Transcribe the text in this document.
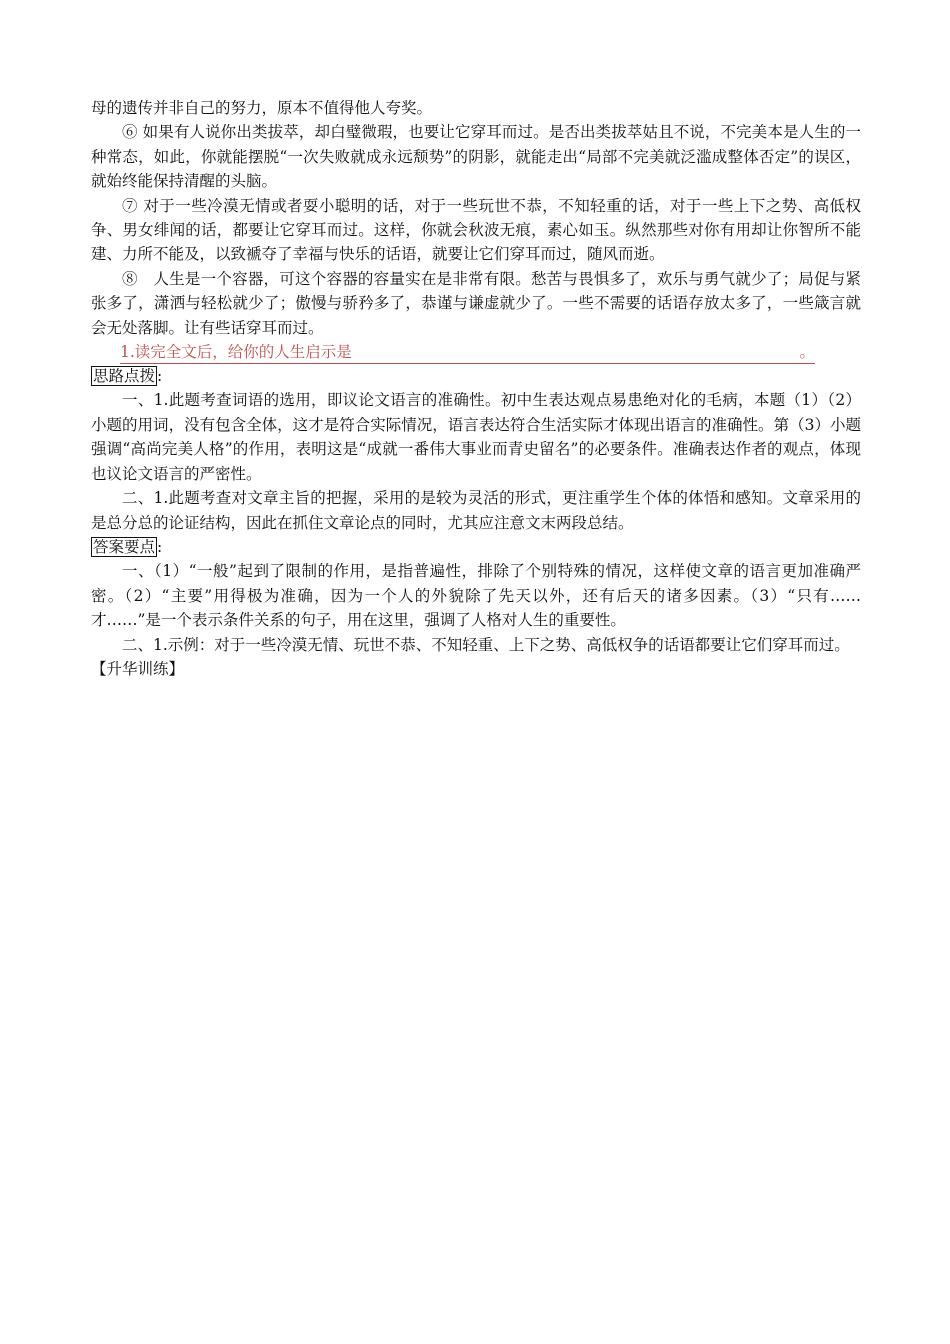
母的遗传并非自己的努力，原本不值得他人夸奖。

⑥ 如果有人说你出类拔萃，却白璧微瑕，也要让它穿耳而过。是否出类拔萃姑且不说，不完美本是人生的一种常态，如此，你就能摆脱“一次失败就成永远颓势”的阴影，就能走出“局部不完美就泛滥成整体否定”的误区，就始终能保持清醒的头脑。

⑦ 对于一些冷漠无情或者耍小聪明的话，对于一些玩世不恭，不知轻重的话，对于一些上下之势、高低权争、男女绯闻的话，都要让它穿耳而过。这样，你就会秋波无痕，素心如玉。纵然那些对你有用却让你智所不能建、力所不能及，以致褫夺了幸福与快乐的话语，就要让它们穿耳而过，随风而逝。

⑧　人生是一个容器，可这个容器的容量实在是非常有限。愁苦与畏惧多了，欢乐与勇气就少了；局促与紧张多了，潇洒与轻松就少了；傲慢与骄矜多了，恭谨与谦虚就少了。一些不需要的话语存放太多了，一些箴言就会无处落脚。让有些话穿耳而过。

1.读完全文后，给你的人生启示是	。

思路点拨 :

一、1.此题考查词语的选用，即议论文语言的准确性。初中生表达观点易患绝对化的毛病，本题（1）（2）小题的用词，没有包含全体，这才是符合实际情况，语言表达符合生活实际才体现出语言的准确性。第（3）小题强调“高尚完美人格”的作用，表明这是“成就一番伟大事业而青史留名”的必要条件。准确表达作者的观点，体现也议论文语言的严密性。

二、1.此题考查对文章主旨的把握，采用的是较为灵活的形式，更注重学生个体的体悟和感知。文章采用的是总分总的论证结构，因此在抓住文章论点的同时，尤其应注意文末两段总结。

答案要点 :

一、（1）“一般”起到了限制的作用，是指普遍性，排除了个别特殊的情况，这样使文章的语言更加准确严密。（2）“主要”用得极为准确，因为一个人的外貌除了先天以外，还有后天的诸多因素。（3）“只有……才……”是一个表示条件关系的句子，用在这里，强调了人格对人生的重要性。

二、1.示例：对于一些冷漠无情、玩世不恭、不知轻重、上下之势、高低权争的话语都要让它们穿耳而过。

【升华训练】
